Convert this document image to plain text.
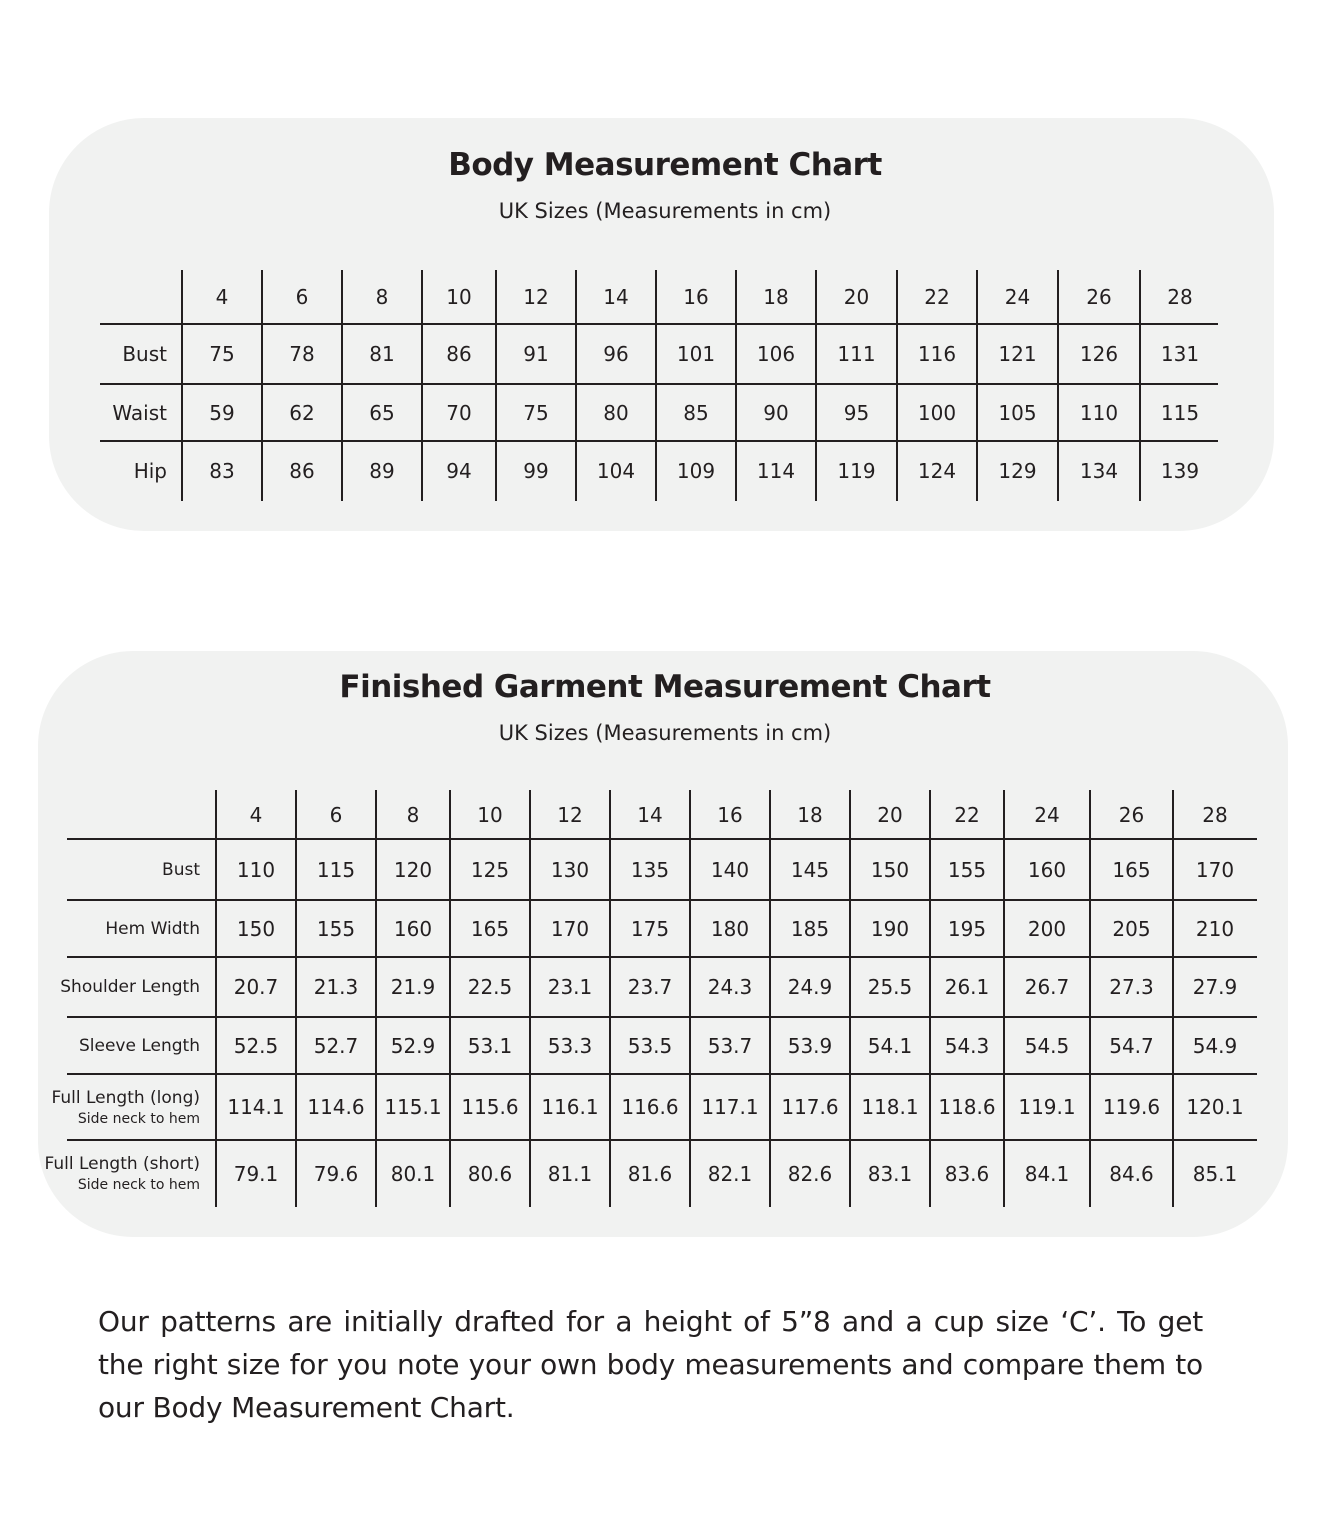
Body Measurement Chart
UK Sizes (Measurements in cm)
Finished Garment Measurement Chart
UK Sizes (Measurements in cm)
4	6	8	10	12	14	16	18	20	22	24	26	28
Bust	75	78	81	86	91	96	101	106	111	116	121	126	131
Waist	59	62	65	70	75	80	85	90	95	100	105	110	115
Hip	83	86	89	94	99	104	109	114	119	124	129	134	139
4	6	8	10	12	14	16	18	20	22	24	26	28
Bust	110	115	120	125	130	135	140	145	150	155	160	165	170
Hem Width	150	155	160	165	170	175	180	185	190	195	200	205	210
Shoulder Length	20.7	21.3	21.9	22.5	23.1	23.7	24.3	24.9	25.5	26.1	26.7	27.3	27.9
Sleeve Length	52.5	52.7	52.9	53.1	53.3	53.5	53.7	53.9	54.1	54.3	54.5	54.7	54.9
Full Length (long)
Side neck to hem	114.1	114.6 115.1 115.6	116.1	116.6	117.1	117.6	118.1 118.6	119.1	119.6	120.1
Full Length (short)
Side neck to hem	79.1	79.6	80.1	80.6	81.1	81.6	82.1	82.6	83.1	83.6	84.1	84.6	85.1

Our patterns are initially drafted for a height of 5”8 and a cup size ‘C’. To get the right size for you note your own body measurements and compare them to our Body Measurement Chart.
